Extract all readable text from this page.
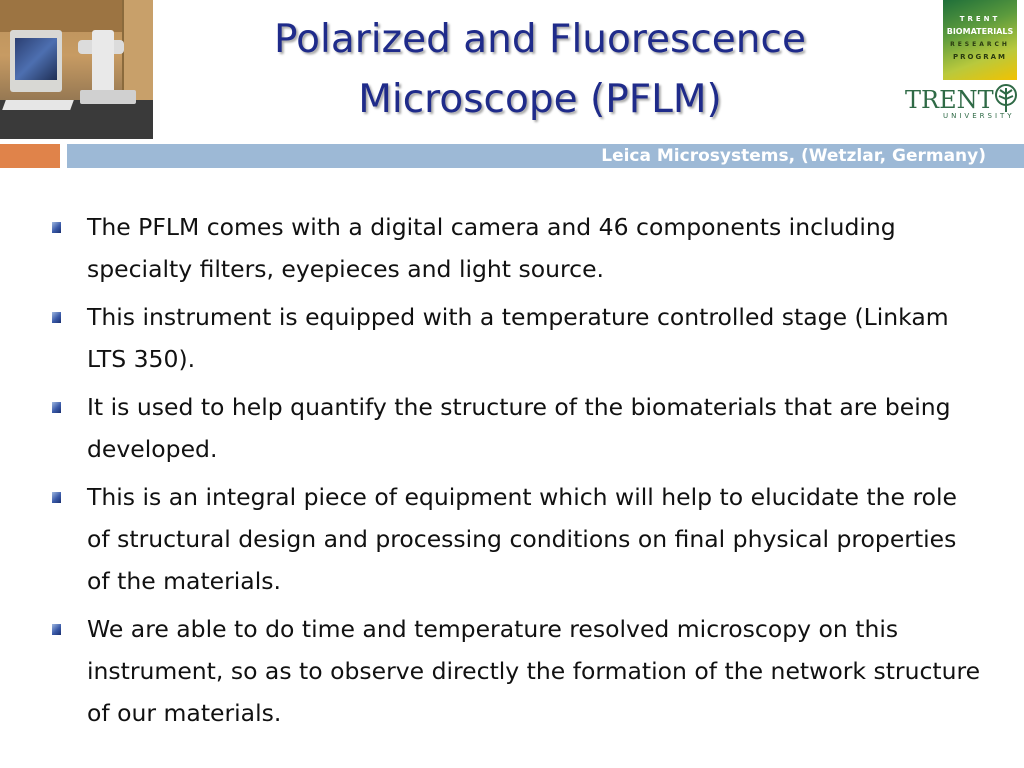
Polarized and Fluorescence
Microscope (PFLM)
TRENT
BIOMATERIALS
RESEARCH
PROGRAM
TRENT
UNIVERSITY
Leica Microsystems, (Wetzlar, Germany)
The PFLM comes with a digital camera and 46 components including specialty filters, eyepieces and light source.
This instrument is equipped with a temperature controlled stage (Linkam LTS 350).
It is used to help quantify the structure of the biomaterials that are being developed.
This is an integral piece of equipment which will help to elucidate the role of structural design and processing conditions on final physical properties of the materials.
We are able to do time and temperature resolved microscopy on this instrument, so as to observe directly the formation of the network structure of our materials.
